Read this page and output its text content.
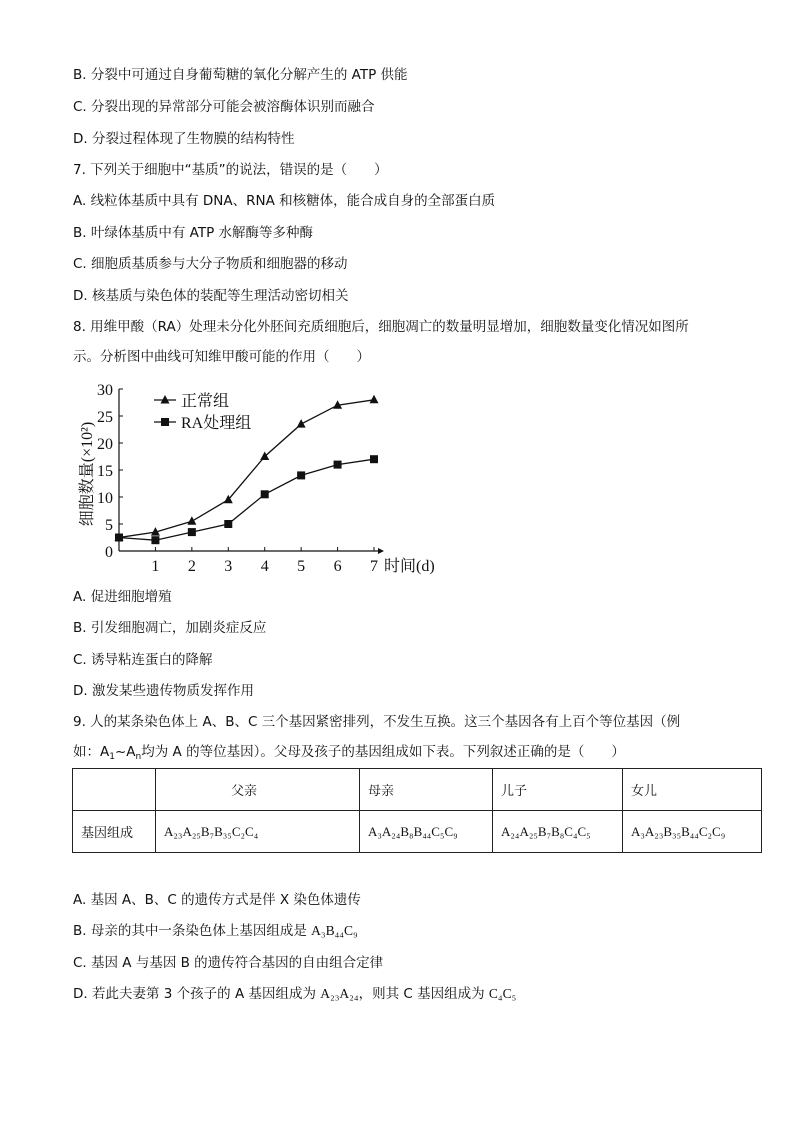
B. 分裂中可通过自身葡萄糖的氧化分解产生的 ATP 供能
C. 分裂出现的异常部分可能会被溶酶体识别而融合
D. 分裂过程体现了生物膜的结构特性
7. 下列关于细胞中“基质”的说法，错误的是（　　）
A. 线粒体基质中具有 DNA、RNA 和核糖体，能合成自身的全部蛋白质
B. 叶绿体基质中有 ATP 水解酶等多种酶
C. 细胞质基质参与大分子物质和细胞器的移动
D. 核基质与染色体的装配等生理活动密切相关
8. 用维甲酸（RA）处理未分化外胚间充质细胞后，细胞凋亡的数量明显增加，细胞数量变化情况如图所
示。分析图中曲线可知维甲酸可能的作用（　　）
0
5
10
15
20
25
30
1 2 3 4 5 6 7 时间(d)
细胞数量(×10²)
正常组
RA处理组
A. 促进细胞增殖
B. 引发细胞凋亡，加剧炎症反应
C. 诱导粘连蛋白的降解
D. 激发某些遗传物质发挥作用
9. 人的某条染色体上 A、B、C 三个基因紧密排列，不发生互换。这三个基因各有上百个等位基因（例
如：$A_1\sim A_n$均为 A 的等位基因）。父母及孩子的基因组成如下表。下列叙述正确的是（　　）
	父亲	母亲	儿子	女儿
基因组成	A₂₃A₂₅B₇B₃₅C₂C₄	A₃A₂₄B₈B₄₄C₅C₉	A₂₄A₂₅B₇B₈C₄C₅	A₃A₂₃B₃₅B₄₄C₂C₉
A. 基因 A、B、C 的遗传方式是伴 X 染色体遗传
B. 母亲的其中一条染色体上基因组成是 A₃B₄₄C₉
C. 基因 A 与基因 B 的遗传符合基因的自由组合定律
D. 若此夫妻第 3 个孩子的 A 基因组成为 A₂₃A₂₄，则其 C 基因组成为 C₄C₅
